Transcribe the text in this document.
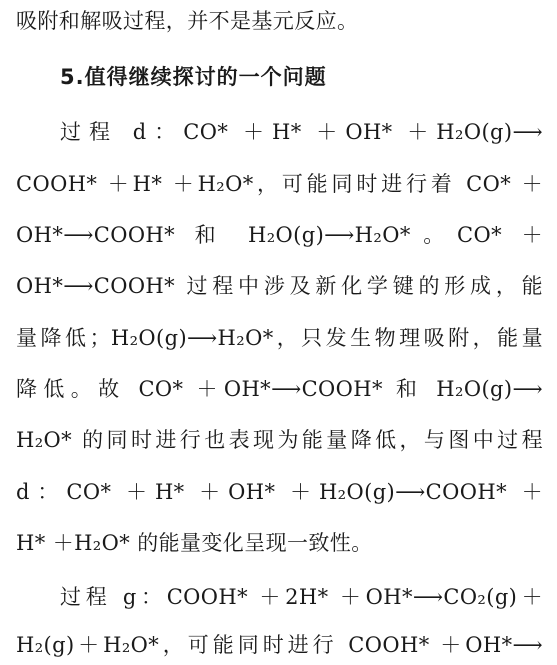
吸附和解吸过程，并不是基元反应。
5.值得继续探讨的一个问题
过程 d：CO* ＋H* ＋OH* ＋H₂O(g)⟶
COOH* ＋H* ＋H₂O*，可能同时进行着 CO* ＋
OH*⟶COOH* 和 H₂O(g)⟶H₂O*。CO* ＋
OH*⟶COOH* 过程中涉及新化学键的形成，能
量降低；H₂O(g)⟶H₂O*，只发生物理吸附，能量
降低。故 CO* ＋OH*⟶COOH* 和 H₂O(g)⟶
H₂O* 的同时进行也表现为能量降低，与图中过程
d：CO* ＋H* ＋OH* ＋H₂O(g)⟶COOH* ＋
H* ＋H₂O* 的能量变化呈现一致性。
过程 g：COOH* ＋2H* ＋OH*⟶CO₂(g)＋
H₂(g)＋H₂O*，可能同时进行 COOH* ＋OH*⟶
